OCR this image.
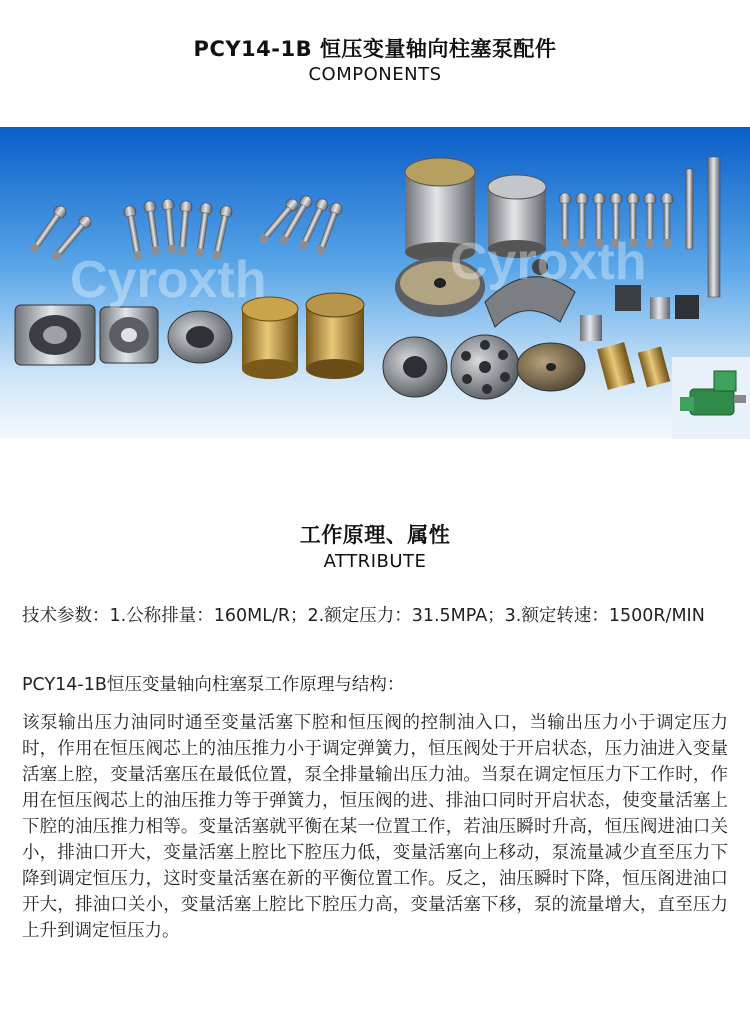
PCY14-1B 恒压变量轴向柱塞泵配件
COMPONENTS
Cyroxth	Cyroxth
工作原理、属性
ATTRIBUTE

技术参数：1.公称排量：160ML/R；2.额定压力：31.5MPA；3.额定转速：1500R/MIN

PCY14-1B恒压变量轴向柱塞泵工作原理与结构：

该泵输出压力油同时通至变量活塞下腔和恒压阀的控制油入口，当输出压力小于调定压力时，作用在恒压阀芯上的油压推力小于调定弹簧力，恒压阀处于开启状态，压力油进入变量活塞上腔，变量活塞压在最低位置，泵全排量输出压力油。当泵在调定恒压力下工作时，作用在恒压阀芯上的油压推力等于弹簧力，恒压阀的进、排油口同时开启状态，使变量活塞上下腔的油压推力相等。变量活塞就平衡在某一位置工作，若油压瞬时升高，恒压阀进油口关小，排油口开大，变量活塞上腔比下腔压力低，变量活塞向上移动，泵流量减少直至压力下降到调定恒压力，这时变量活塞在新的平衡位置工作。反之，油压瞬时下降，恒压阁进油口开大，排油口关小，变量活塞上腔比下腔压力高，变量活塞下移，泵的流量增大，直至压力上升到调定恒压力。
